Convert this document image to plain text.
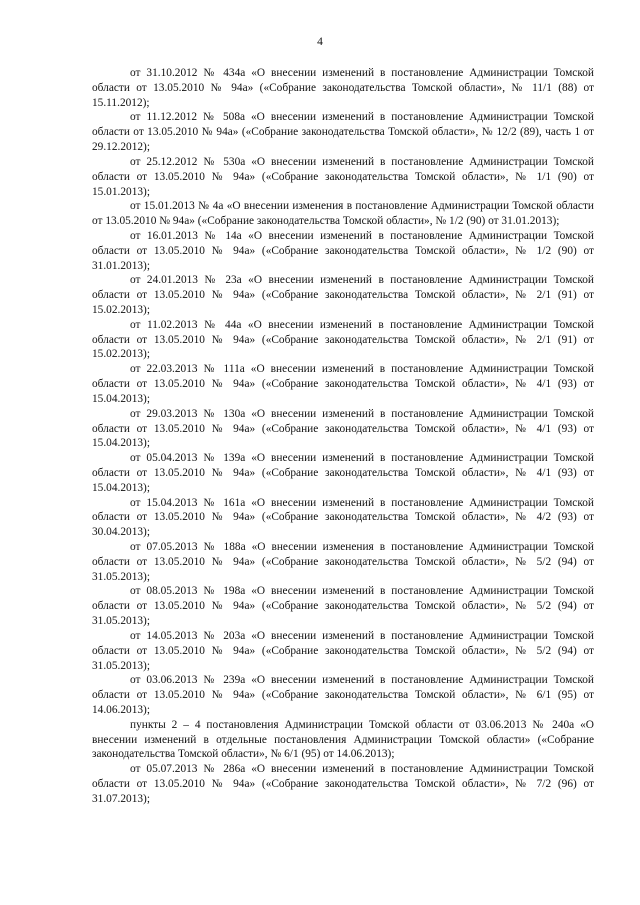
4

от 31.10.2012 № 434а «О внесении изменений в постановление Администрации Томской области от 13.05.2010 № 94а» («Собрание законодательства Томской области», № 11/1 (88) от 15.11.2012);

от 11.12.2012 № 508а «О внесении изменений в постановление Администрации Томской области от 13.05.2010 № 94а» («Собрание законодательства Томской области», № 12/2 (89), часть 1 от 29.12.2012);

от 25.12.2012 № 530а «О внесении изменений в постановление Администрации Томской области от 13.05.2010 № 94а» («Собрание законодательства Томской области», № 1/1 (90) от 15.01.2013);

от 15.01.2013 № 4а «О внесении изменения в постановление Администрации Томской области от 13.05.2010 № 94а» («Собрание законодательства Томской области», № 1/2 (90) от 31.01.2013);

от 16.01.2013 № 14а «О внесении изменений в постановление Администрации Томской области от 13.05.2010 № 94а» («Собрание законодательства Томской области», № 1/2 (90) от 31.01.2013);

от 24.01.2013 № 23а «О внесении изменений в постановление Администрации Томской области от 13.05.2010 № 94а» («Собрание законодательства Томской области», № 2/1 (91) от 15.02.2013);

от 11.02.2013 № 44а «О внесении изменений в постановление Администрации Томской области от 13.05.2010 № 94а» («Собрание законодательства Томской области», № 2/1 (91) от 15.02.2013);

от 22.03.2013 № 111а «О внесении изменений в постановление Администрации Томской области от 13.05.2010 № 94а» («Собрание законодательства Томской области», № 4/1 (93) от 15.04.2013);

от 29.03.2013 № 130а «О внесении изменений в постановление Администрации Томской области от 13.05.2010 № 94а» («Собрание законодательства Томской области», № 4/1 (93) от 15.04.2013);

от 05.04.2013 № 139а «О внесении изменений в постановление Администрации Томской области от 13.05.2010 № 94а» («Собрание законодательства Томской области», № 4/1 (93) от 15.04.2013);

от 15.04.2013 № 161а «О внесении изменений в постановление Администрации Томской области от 13.05.2010 № 94а» («Собрание законодательства Томской области», № 4/2 (93) от 30.04.2013);

от 07.05.2013 № 188а «О внесении изменения в постановление Администрации Томской области от 13.05.2010 № 94а» («Собрание законодательства Томской области», № 5/2 (94) от 31.05.2013);

от 08.05.2013 № 198а «О внесении изменений в постановление Администрации Томской области от 13.05.2010 № 94а» («Собрание законодательства Томской области», № 5/2 (94) от 31.05.2013);

от 14.05.2013 № 203а «О внесении изменений в постановление Администрации Томской области от 13.05.2010 № 94а» («Собрание законодательства Томской области», № 5/2 (94) от 31.05.2013);

от 03.06.2013 № 239а «О внесении изменений в постановление Администрации Томской области от 13.05.2010 № 94а» («Собрание законодательства Томской области», № 6/1 (95) от 14.06.2013);

пункты 2 – 4 постановления Администрации Томской области от 03.06.2013 № 240а «О внесении изменений в отдельные постановления Администрации Томской области» («Собрание законодательства Томской области», № 6/1 (95) от 14.06.2013);

от 05.07.2013 № 286а «О внесении изменений в постановление Администрации Томской области от 13.05.2010 № 94а» («Собрание законодательства Томской области», № 7/2 (96) от 31.07.2013);
